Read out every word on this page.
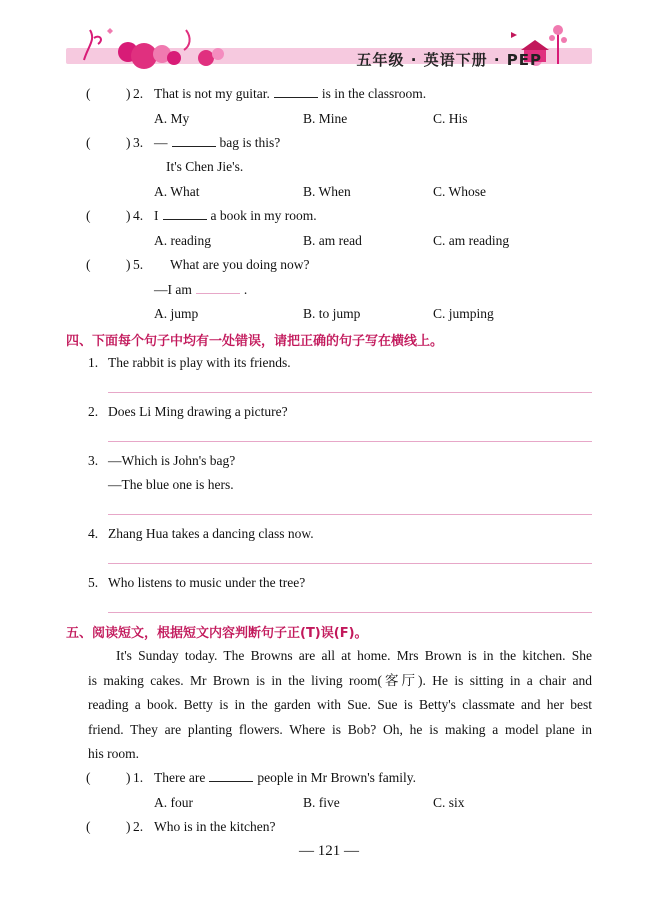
五年级 · 英语下册 · PEP
(	) 2. That is not my guitar.	is in the classroom.
A. My	B. Mine	C. His
(	) 3. —	bag is this?
It's Chen Jie's.
A. What	B. When	C. Whose
(	) 4. I	a book in my room.
A. reading	B. am read	C. am reading
(	) 5. What are you doing now?
—I am	.
A. jump	B. to jump	C. jumping
四、下面每个句子中均有一处错误，请把正确的句子写在横线上。
1. The rabbit is play with its friends.
2. Does Li Ming drawing a picture?
3. —Which is John's bag?
—The blue one is hers.
4. Zhang Hua takes a dancing class now.
5. Who listens to music under the tree?
五、阅读短文，根据短文内容判断句子正(T)误(F)。
It's Sunday today. The Browns are all at home. Mrs Brown is in the kitchen. She
is making cakes. Mr Brown is in the living room(客厅). He is sitting in a chair and
reading a book. Betty is in the garden with Sue. Sue is Betty's classmate and her best
friend. They are planting flowers. Where is Bob? Oh, he is making a model plane in
his room.
(	) 1. There are	people in Mr Brown's family.
A. four	B. five	C. six
(	) 2. Who is in the kitchen?
— 121 —
